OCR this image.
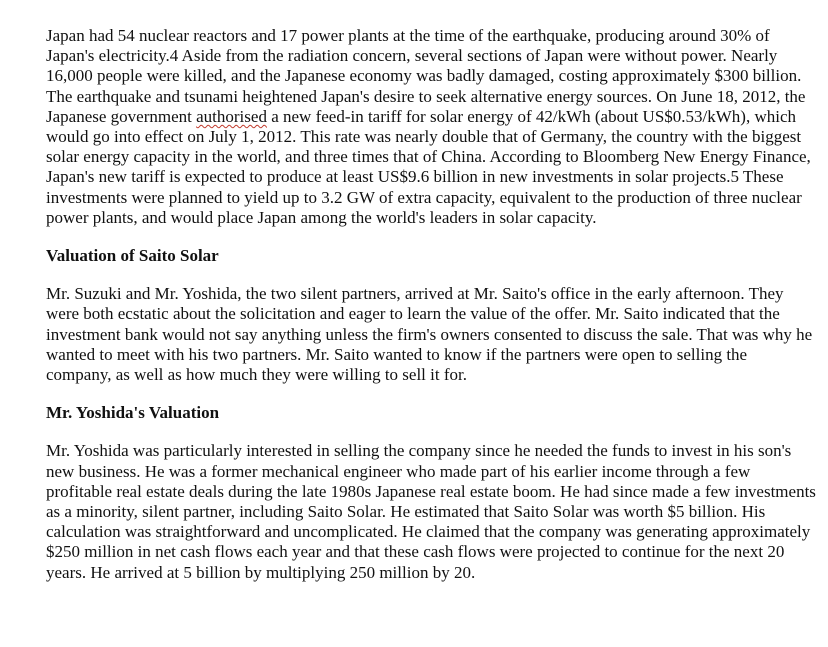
Japan had 54 nuclear reactors and 17 power plants at the time of the earthquake, producing around 30% of Japan's electricity.4 Aside from the radiation concern, several sections of Japan were without power. Nearly 16,000 people were killed, and the Japanese economy was badly damaged, costing approximately $300 billion. The earthquake and tsunami heightened Japan's desire to seek alternative energy sources. On June 18, 2012, the Japanese government authorised a new feed-in tariff for solar energy of 42/kWh (about US$0.53/kWh), which would go into effect on July 1, 2012. This rate was nearly double that of Germany, the country with the biggest solar energy capacity in the world, and three times that of China. According to Bloomberg New Energy Finance, Japan's new tariff is expected to produce at least US$9.6 billion in new investments in solar projects.5 These investments were planned to yield up to 3.2 GW of extra capacity, equivalent to the production of three nuclear power plants, and would place Japan among the world's leaders in solar capacity.

Valuation of Saito Solar

Mr. Suzuki and Mr. Yoshida, the two silent partners, arrived at Mr. Saito's office in the early afternoon. They were both ecstatic about the solicitation and eager to learn the value of the offer. Mr. Saito indicated that the investment bank would not say anything unless the firm's owners consented to discuss the sale. That was why he wanted to meet with his two partners. Mr. Saito wanted to know if the partners were open to selling the company, as well as how much they were willing to sell it for.

Mr. Yoshida's Valuation

Mr. Yoshida was particularly interested in selling the company since he needed the funds to invest in his son's new business. He was a former mechanical engineer who made part of his earlier income through a few profitable real estate deals during the late 1980s Japanese real estate boom. He had since made a few investments as a minority, silent partner, including Saito Solar. He estimated that Saito Solar was worth $5 billion. His calculation was straightforward and uncomplicated. He claimed that the company was generating approximately $250 million in net cash flows each year and that these cash flows were projected to continue for the next 20 years. He arrived at 5 billion by multiplying 250 million by 20.
